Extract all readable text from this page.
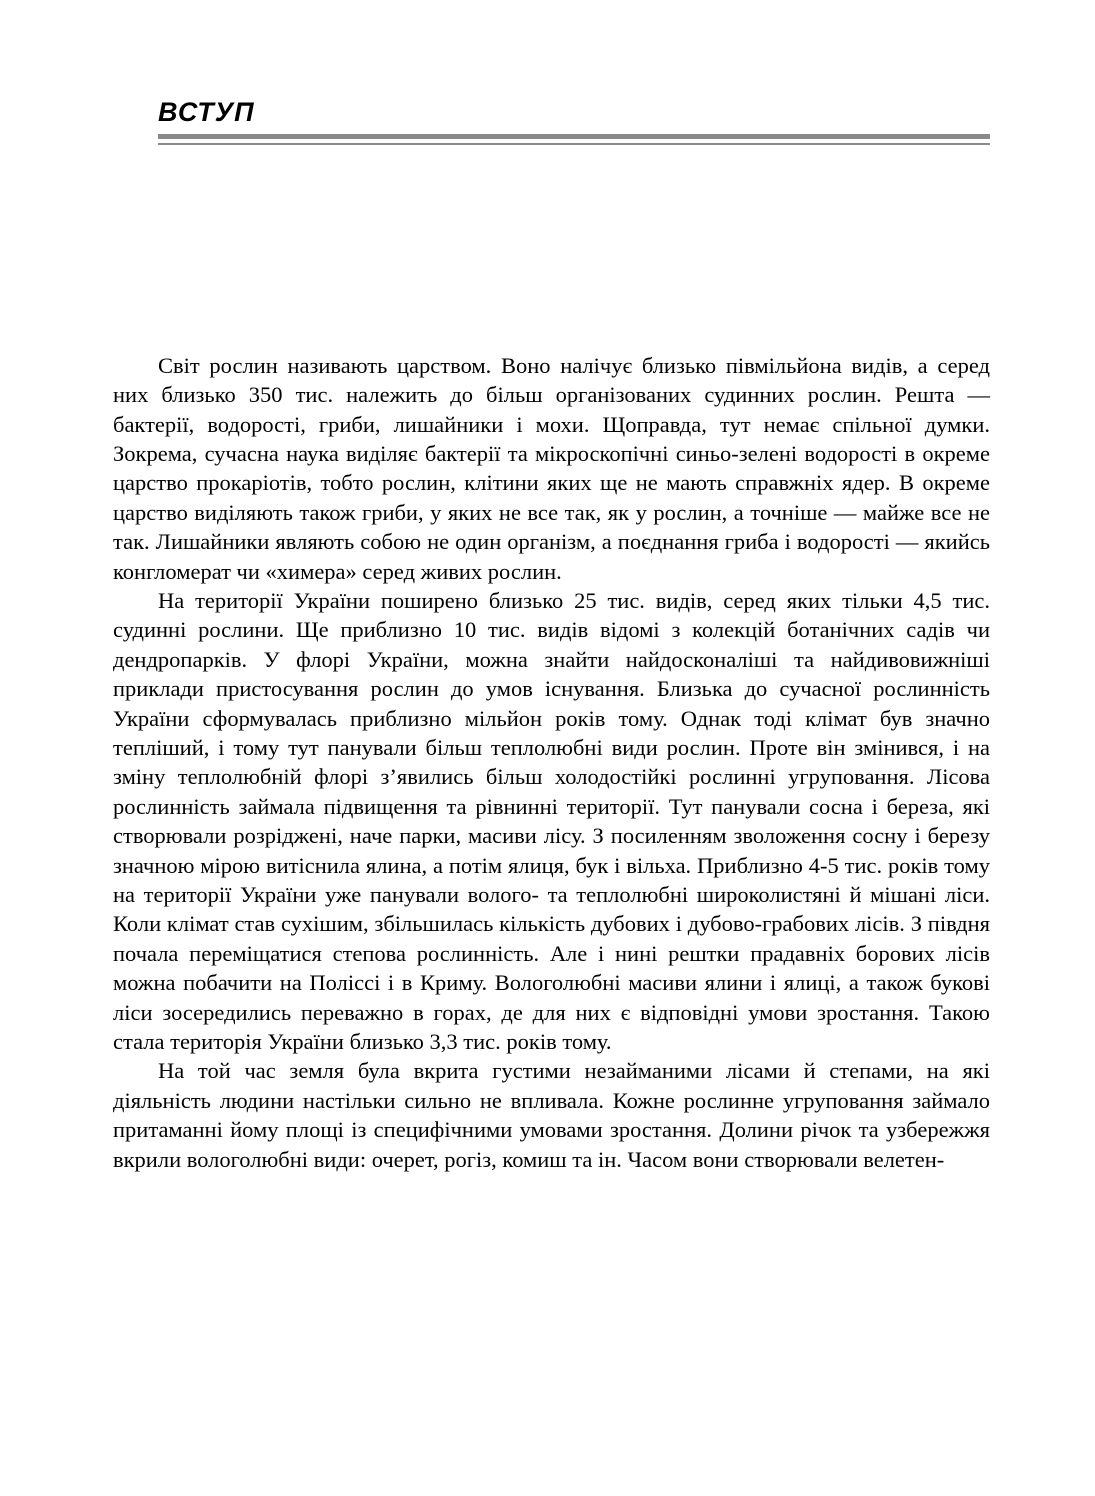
ВСТУП

Світ рослин називають царством. Воно налічує близько півмільйона видів, а серед них близько 350 тис. належить до більш організованих судинних рослин. Решта — бактерії, водорості, гриби, лишайники і мохи. Щоправда, тут немає спільної думки. Зокрема, сучасна наука виділяє бактерії та мікроскопічні синьо-зелені водорості в окреме царство прокаріотів, тобто рослин, клітини яких ще не мають справжніх ядер. В окреме царство виділяють також гриби, у яких не все так, як у рослин, а точніше — майже все не так. Лишайники являють собою не один організм, а поєднання гриба і водорості — якийсь конгломерат чи «химера» серед живих рослин.

На території України поширено близько 25 тис. видів, серед яких тільки 4,5 тис. судинні рослини. Ще приблизно 10 тис. видів відомі з колекцій ботанічних садів чи дендропарків. У флорі України, можна знайти найдосконаліші та найдивовижніші приклади пристосування рослин до умов існування. Близька до сучасної рослинність України сформувалась приблизно мільйон років тому. Однак тоді клімат був значно тепліший, і тому тут панували більш теплолюбні види рослин. Проте він змінився, і на зміну теплолюбній флорі з’явились більш холодостійкі рослинні угруповання. Лісова рослинність займала підвищення та рівнинні території. Тут панували сосна і береза, які створювали розріджені, наче парки, масиви лісу. З посиленням зволоження сосну і березу значною мірою витіснила ялина, а потім ялиця, бук і вільха. Приблизно 4-5 тис. років тому на території України уже панували волого- та теплолюбні широколистяні й мішані ліси. Коли клімат став сухішим, збільшилась кількість дубових і дубово-грабових лісів. З півдня почала переміщатися степова рослинність. Але і нині рештки прадавніх борових лісів можна побачити на Поліссі і в Криму. Вологолюбні масиви ялини і ялиці, а також букові ліси зосередились переважно в горах, де для них є відповідні умови зростання. Такою стала територія України близько 3,3 тис. років тому.

На той час земля була вкрита густими незайманими лісами й степами, на які діяльність людини настільки сильно не впливала. Кожне рослинне угруповання займало притаманні йому площі із специфічними умовами зростання. Долини річок та узбережжя вкрили вологолюбні види: очерет, рогіз, комиш та ін. Часом вони створювали велетен-
